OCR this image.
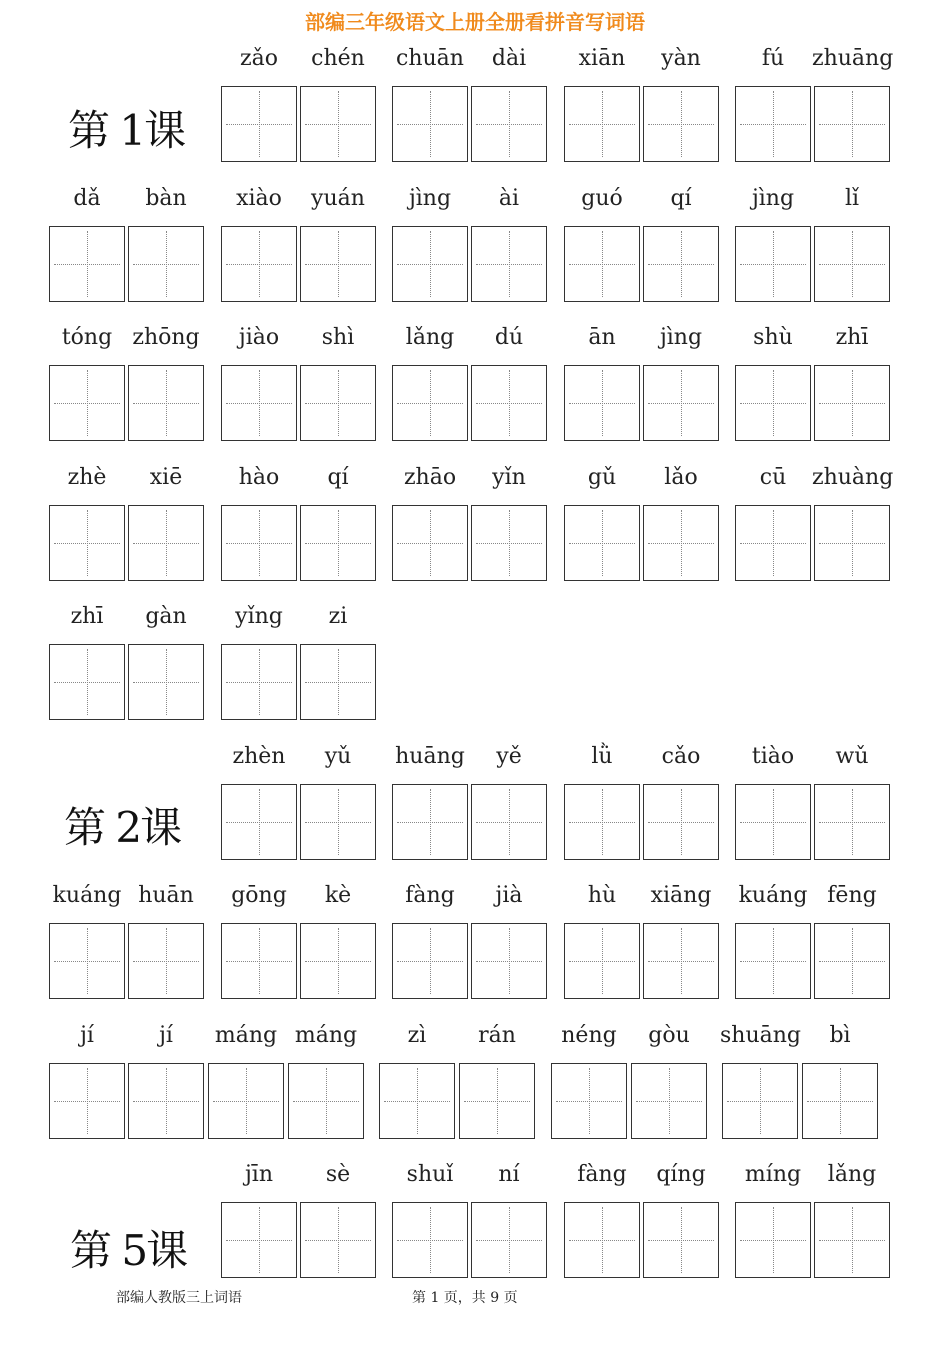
部编三年级语文上册全册看拼音写词语
第 1课
第 2课
第 5课
zǎo	chén	chuān	dài	xiān	yàn	fú	zhuāng
dǎ	bàn	xiào	yuán	jìng	ài	guó	qí	jìng	lǐ
tóng zhōng	jiào	shì	lǎng	dú	ān	jìng	shù	zhī
zhè	xiē	hào	qí	zhāo	yǐn	gǔ	lǎo	cū	zhuàng
zhī	gàn	yǐng	zi
zhèn	yǔ	huāng	yě	lǜ	cǎo	tiào	wǔ
kuáng huān	gōng	kè	fàng	jià	hù	xiāng	kuáng fēng
jí	jí	máng máng	zì	rán	néng	gòu	shuāng	bì
jīn	sè	shuǐ	ní	fàng	qíng	míng	lǎng
部编人教版三上词语	第 1 页，共 9 页
